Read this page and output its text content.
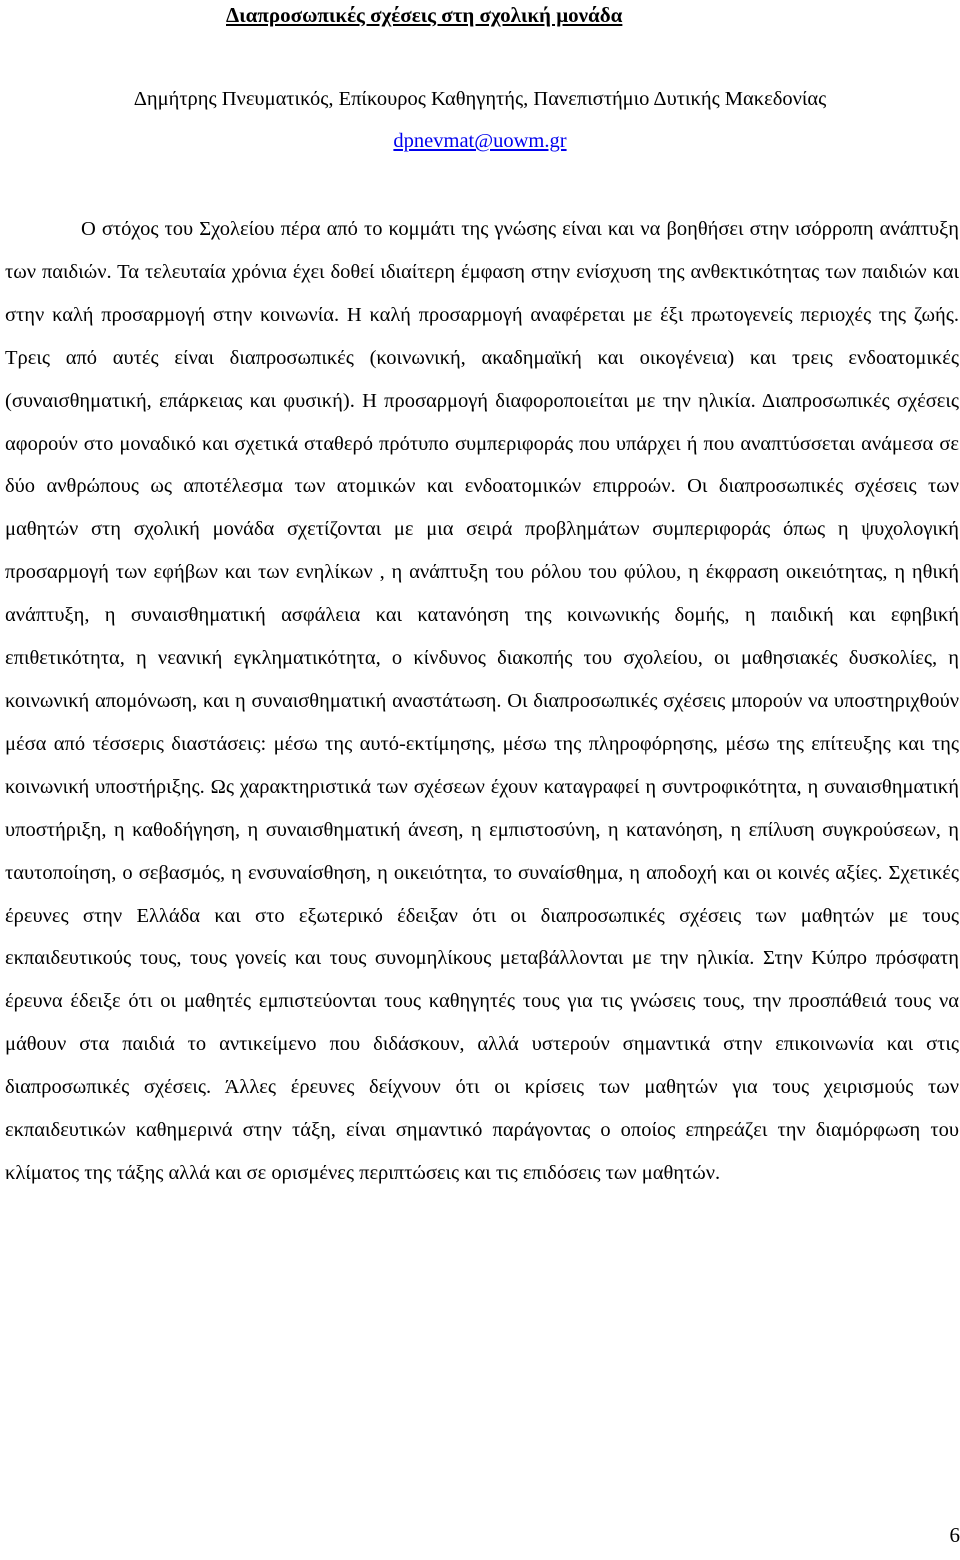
Διαπροσωπικές σχέσεις στη σχολική μονάδα
Δημήτρης Πνευματικός, Επίκουρος Καθηγητής, Πανεπιστήμιο Δυτικής Μακεδονίας
dpnevmat@uowm.gr

Ο στόχος του Σχολείου πέρα από το κομμάτι της γνώσης είναι και να βοηθήσει στην ισόρροπη ανάπτυξη των παιδιών. Τα τελευταία χρόνια έχει δοθεί ιδιαίτερη έμφαση στην ενίσχυση της ανθεκτικότητας των παιδιών και στην καλή προσαρμογή στην κοινωνία. Η καλή προσαρμογή αναφέρεται με έξι πρωτογενείς περιοχές της ζωής. Τρεις από αυτές είναι διαπροσωπικές (κοινωνική, ακαδημαϊκή και οικογένεια) και τρεις ενδοατομικές (συναισθηματική, επάρκειας και φυσική). Η προσαρμογή διαφοροποιείται με την ηλικία. Διαπροσωπικές σχέσεις αφορούν στο μοναδικό και σχετικά σταθερό πρότυπο συμπεριφοράς που υπάρχει ή που αναπτύσσεται ανάμεσα σε δύο ανθρώπους ως αποτέλεσμα των ατομικών και ενδοατομικών επιρροών. Οι διαπροσωπικές σχέσεις των μαθητών στη σχολική μονάδα σχετίζονται με μια σειρά προβλημάτων συμπεριφοράς όπως η ψυχολογική προσαρμογή των εφήβων και των ενηλίκων , η ανάπτυξη του ρόλου του φύλου, η έκφραση οικειότητας, η ηθική ανάπτυξη, η συναισθηματική ασφάλεια και κατανόηση της κοινωνικής δομής, η παιδική και εφηβική επιθετικότητα, η νεανική εγκληματικότητα, ο κίνδυνος διακοπής του σχολείου, οι μαθησιακές δυσκολίες, η κοινωνική απομόνωση, και η συναισθηματική αναστάτωση. Οι διαπροσωπικές σχέσεις μπορούν να υποστηριχθούν μέσα από τέσσερις διαστάσεις: μέσω της αυτό-εκτίμησης, μέσω της πληροφόρησης, μέσω της επίτευξης και της κοινωνική υποστήριξης. Ως χαρακτηριστικά των σχέσεων έχουν καταγραφεί η συντροφικότητα, η συναισθηματική υποστήριξη, η καθοδήγηση, η συναισθηματική άνεση, η εμπιστοσύνη, η κατανόηση, η επίλυση συγκρούσεων, η ταυτοποίηση, ο σεβασμός, η ενσυναίσθηση, η οικειότητα, το συναίσθημα, η αποδοχή και οι κοινές αξίες. Σχετικές έρευνες στην Ελλάδα και στο εξωτερικό έδειξαν ότι οι διαπροσωπικές σχέσεις των μαθητών με τους εκπαιδευτικούς τους, τους γονείς και τους συνομηλίκους μεταβάλλονται με την ηλικία. Στην Κύπρο πρόσφατη έρευνα έδειξε ότι οι μαθητές εμπιστεύονται τους καθηγητές τους για τις γνώσεις τους, την προσπάθειά τους να μάθουν στα παιδιά το αντικείμενο που διδάσκουν, αλλά υστερούν σημαντικά στην επικοινωνία και στις διαπροσωπικές σχέσεις. Άλλες έρευνες δείχνουν ότι οι κρίσεις των μαθητών για τους χειρισμούς των εκπαιδευτικών καθημερινά στην τάξη, είναι σημαντικό παράγοντας ο οποίος επηρεάζει την διαμόρφωση του κλίματος της τάξης αλλά και σε ορισμένες περιπτώσεις και τις επιδόσεις των μαθητών.

6
